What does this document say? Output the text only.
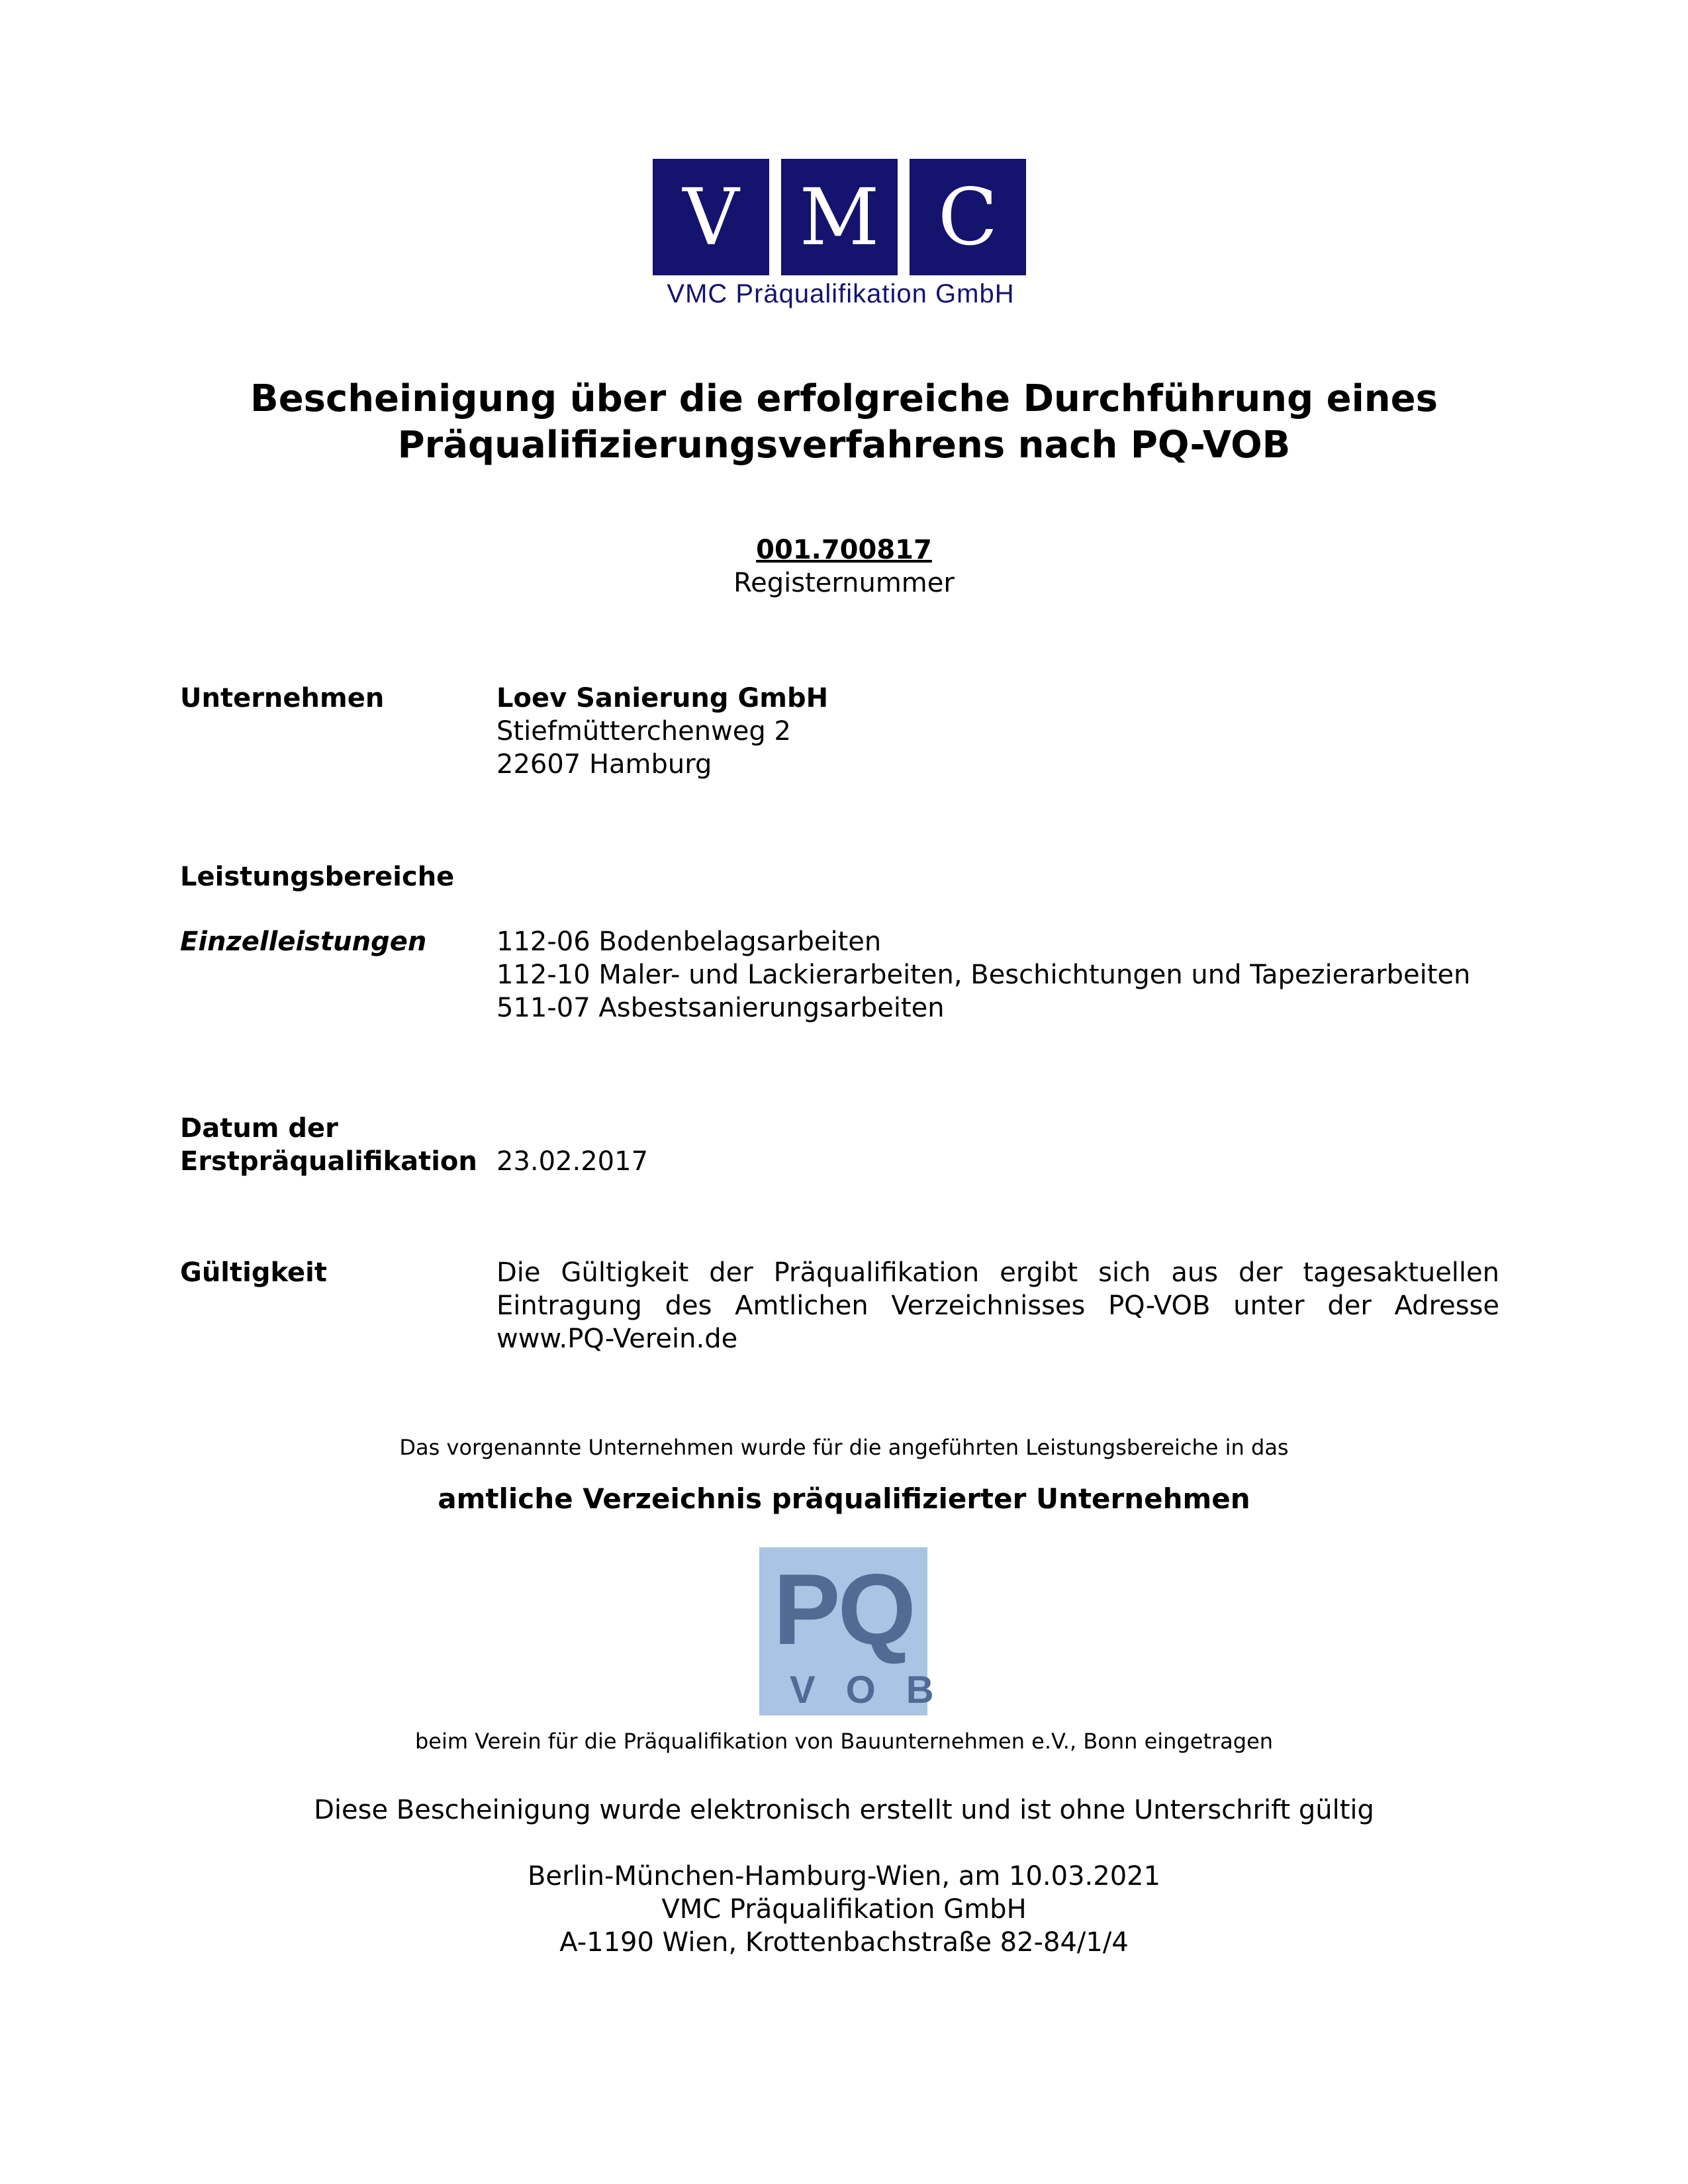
V M C
VMC Präqualifikation GmbH
Bescheinigung über die erfolgreiche Durchführung eines
Präqualifizierungsverfahrens nach PQ-VOB
001.700817
Registernummer
Unternehmen	Loev Sanierung GmbH
Stiefmütterchenweg 2
22607 Hamburg
Leistungsbereiche
Einzelleistungen	112-06 Bodenbelagsarbeiten
112-10 Maler- und Lackierarbeiten, Beschichtungen und Tapezierarbeiten
511-07 Asbestsanierungsarbeiten
Datum der
Erstpräqualifikation 23.02.2017
Gültigkeit	Die Gültigkeit der Präqualifikation ergibt sich aus der tagesaktuellen Eintragung des Amtlichen Verzeichnisses PQ-VOB unter der Adresse www.PQ-Verein.de
Das vorgenannte Unternehmen wurde für die angeführten Leistungsbereiche in das
amtliche Verzeichnis präqualifizierter Unternehmen
PQ
VOB
beim Verein für die Präqualifikation von Bauunternehmen e.V., Bonn eingetragen
Diese Bescheinigung wurde elektronisch erstellt und ist ohne Unterschrift gültig
Berlin-München-Hamburg-Wien, am 10.03.2021
VMC Präqualifikation GmbH
A-1190 Wien, Krottenbachstraße 82-84/1/4
